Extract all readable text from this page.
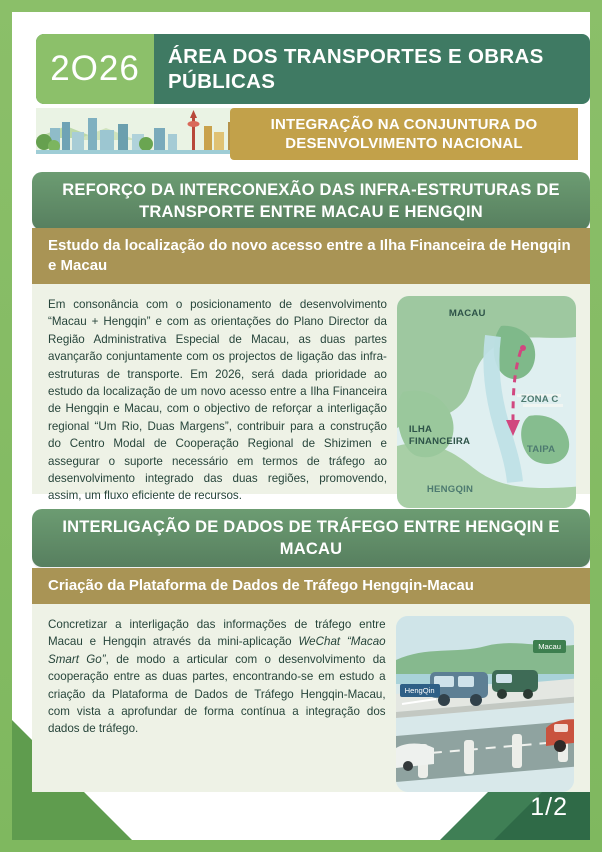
1/2
2O26	ÁREA DOS TRANSPORTES E OBRAS PÚBLICAS
INTEGRAÇÃO NA CONJUNTURA DO DESENVOLVIMENTO NACIONAL
REFORÇO DA INTERCONEXÃO DAS INFRA-ESTRUTURAS DE TRANSPORTE ENTRE MACAU E HENGQIN
Estudo da localização do novo acesso entre a Ilha Financeira de Hengqin e Macau
Em consonância com o posicionamento de desenvolvimento “Macau + Hengqin” e com as orientações do Plano Director da Região Administrativa Especial de Macau, as duas partes avançarão conjuntamente com os projectos de ligação das infra-estruturas de transporte. Em 2026, será dada prioridade ao estudo da localização de um novo acesso entre a Ilha Financeira de Hengqin e Macau, com o objectivo de reforçar a interligação regional “Um Rio, Duas Margens”, contribuir para a construção do Centro Modal de Cooperação Regional de Shizimen e assegurar o suporte necessário em termos de tráfego ao desenvolvimento integrado das duas regiões, promovendo, assim, um fluxo eficiente de recursos.
MACAU
ILHA FINANCEIRA
HENGQIN
ZONA C
TAIPA
INTERLIGAÇÃO DE DADOS DE TRÁFEGO ENTRE HENGQIN E MACAU
Criação da Plataforma de Dados de Tráfego Hengqin-Macau
Concretizar a interligação das informações de tráfego entre Macau e Hengqin através da mini-aplicação WeChat “Macao Smart Go”, de modo a articular com o desenvolvimento da cooperação entre as duas partes, encontrando-se em estudo a criação da Plataforma de Dados de Tráfego Hengqin-Macau, com vista a aprofundar de forma contínua a integração dos dados de tráfego.
Macau
HengQin
